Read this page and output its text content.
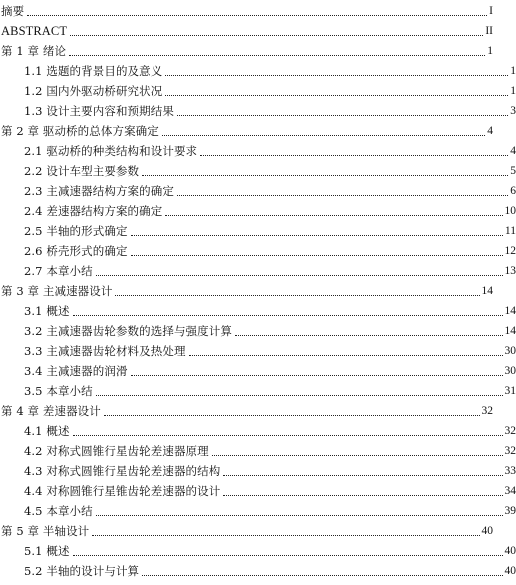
摘要	I
ABSTRACT	II
第 1 章 绪论	1
1.1 选题的背景目的及意义	1
1.2 国内外驱动桥研究状况	1
1.3 设计主要内容和预期结果	3
第 2 章 驱动桥的总体方案确定	4
2.1 驱动桥的种类结构和设计要求	4
2.2 设计车型主要参数	5
2.3 主减速器结构方案的确定	6
2.4 差速器结构方案的确定	10
2.5 半轴的形式确定	11
2.6 桥壳形式的确定	12
2.7 本章小结	13
第 3 章 主减速器设计	14
3.1 概述	14
3.2 主减速器齿轮参数的选择与强度计算	14
3.3 主减速器齿轮材料及热处理	30
3.4 主减速器的润滑	30
3.5 本章小结	31
第 4 章 差速器设计	32
4.1 概述	32
4.2 对称式圆锥行星齿轮差速器原理	32
4.3 对称式圆锥行星齿轮差速器的结构	33
4.4 对称圆锥行星锥齿轮差速器的设计	34
4.5 本章小结	39
第 5 章 半轴设计	40
5.1 概述	40
5.2 半轴的设计与计算	40
